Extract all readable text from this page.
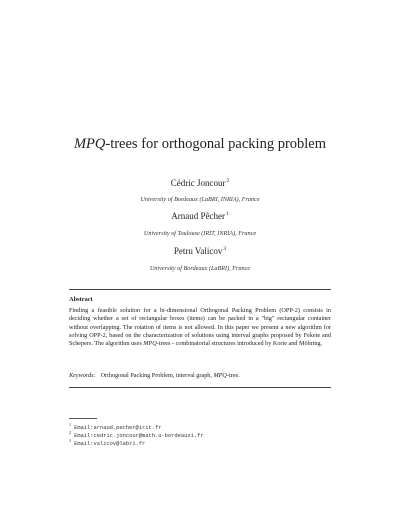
MPQ-trees for orthogonal packing problem
Cédric Joncour$^2$
University of Bordeaux (LaBRI, INRIA), France
Arnaud Pêcher$^1$
University of Toulouse (IRIT, INRIA), France
Petru Valicov$^3$
University of Bordeaux (LaBRI), France
Abstract
Finding a feasible solution for a bi-dimensional Orthogonal Packing Problem (OPP-2) consists in deciding whether a set of rectangular boxes (items) can be packed in a "big" rectangular container without overlapping. The rotation of items is not allowed. In this paper we present a new algorithm for solving OPP-2, based on the characterization of solutions using interval graphs proposed by Fekete and Schepers. The algorithm uses MPQ-trees - combinatorial structures introduced by Korte and Möhring.
Keywords: Orthogonal Packing Problem, interval graph, MPQ-tree.
$^1$Email:arnaud.pecher@irit.fr
$^2$Email:cedric.joncour@math.u-bordeaux1.fr
$^3$Email:valicov@labri.fr
